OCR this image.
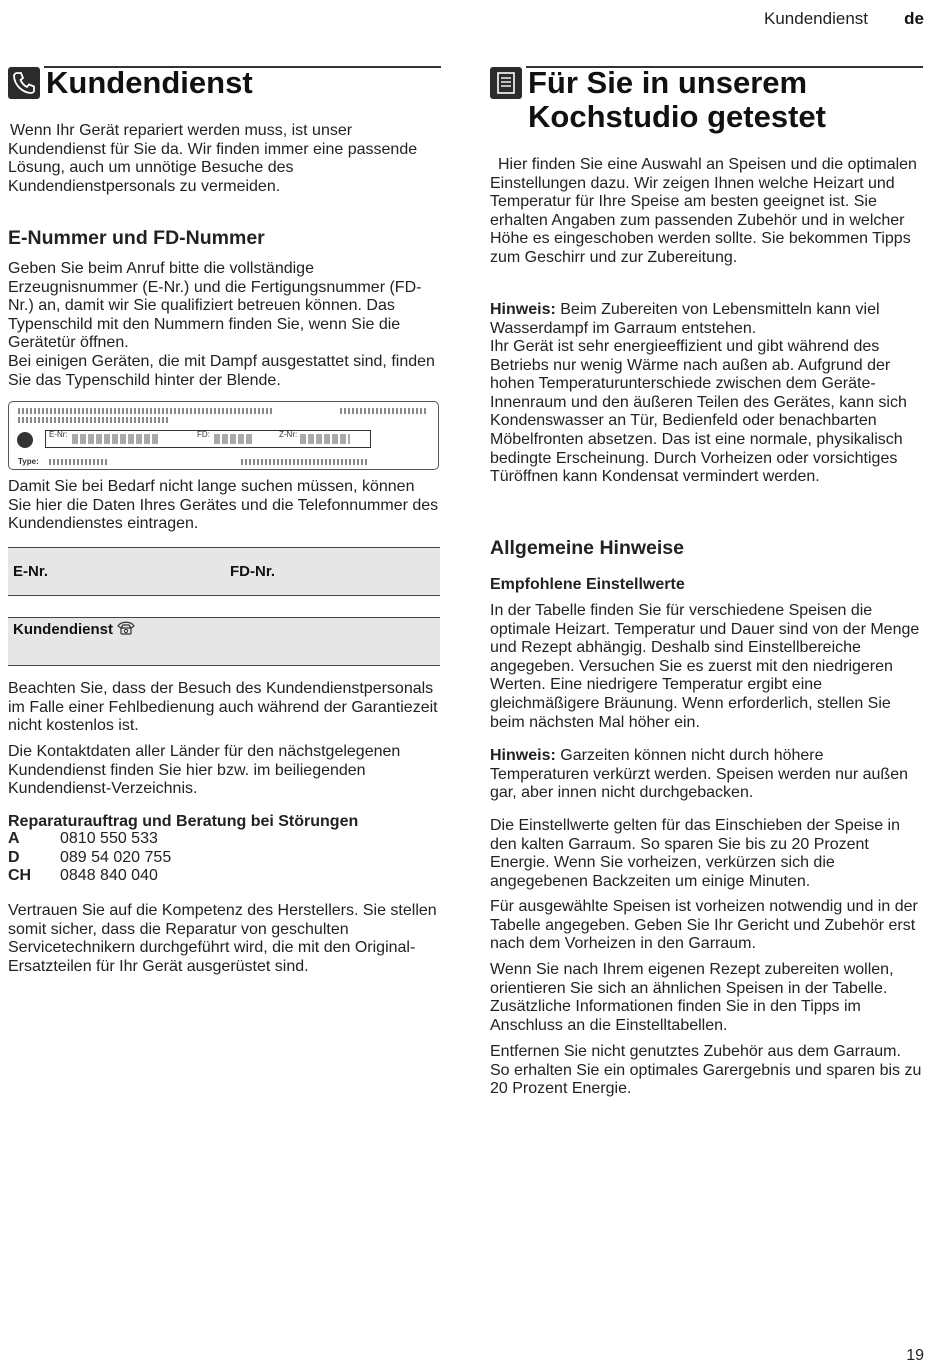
Kundendienst de
Kundendienst

Wenn Ihr Gerät repariert werden muss, ist unser Kundendienst für Sie da. Wir finden immer eine passende Lösung, auch um unnötige Besuche des Kundendienstpersonals zu vermeiden.

E-Nummer und FD-Nummer

Geben Sie beim Anruf bitte die vollständige Erzeugnisnummer (E-Nr.) und die Fertigungsnummer (FD-Nr.) an, damit wir Sie qualifiziert betreuen können. Das Typenschild mit den Nummern finden Sie, wenn Sie die Gerätetür öffnen.

Bei einigen Geräten, die mit Dampf ausgestattet sind, finden Sie das Typenschild hinter der Blende.

E-Nr:	FD:	Z-Nr:
Type:

Damit Sie bei Bedarf nicht lange suchen müssen, können Sie hier die Daten Ihres Gerätes und die Telefonnummer des Kundendienstes eintragen.

E-Nr.	FD-Nr.
Kundendienst

Beachten Sie, dass der Besuch des Kundendienstpersonals im Falle einer Fehlbedienung auch während der Garantiezeit nicht kostenlos ist.

Die Kontaktdaten aller Länder für den nächstgelegenen Kundendienst finden Sie hier bzw. im beiliegenden Kundendienst-Verzeichnis.

Reparaturauftrag und Beratung bei Störungen
A	0810 550 533
D	089 54 020 755
CH 0848 840 040

Vertrauen Sie auf die Kompetenz des Herstellers. Sie stellen somit sicher, dass die Reparatur von geschulten Servicetechnikern durchgeführt wird, die mit den Original-Ersatzteilen für Ihr Gerät ausgerüstet sind.

Für Sie in unserem
Kochstudio getestet

Hier finden Sie eine Auswahl an Speisen und die optimalen Einstellungen dazu. Wir zeigen Ihnen welche Heizart und Temperatur für Ihre Speise am besten geeignet ist. Sie erhalten Angaben zum passenden Zubehör und in welcher Höhe es eingeschoben werden sollte. Sie bekommen Tipps zum Geschirr und zur Zubereitung.

Hinweis: Beim Zubereiten von Lebensmitteln kann viel Wasserdampf im Garraum entstehen.

Ihr Gerät ist sehr energieeffizient und gibt während des Betriebs nur wenig Wärme nach außen ab. Aufgrund der hohen Temperaturunterschiede zwischen dem Geräte-Innenraum und den äußeren Teilen des Gerätes, kann sich Kondenswasser an Tür, Bedienfeld oder benachbarten Möbelfronten absetzen. Das ist eine normale, physikalisch bedingte Erscheinung. Durch Vorheizen oder vorsichtiges Türöffnen kann Kondensat vermindert werden.

Allgemeine Hinweise
Empfohlene Einstellwerte

In der Tabelle finden Sie für verschiedene Speisen die optimale Heizart. Temperatur und Dauer sind von der Menge und Rezept abhängig. Deshalb sind Einstellbereiche angegeben. Versuchen Sie es zuerst mit den niedrigeren Werten. Eine niedrigere Temperatur ergibt eine gleichmäßigere Bräunung. Wenn erforderlich, stellen Sie beim nächsten Mal höher ein.

Hinweis: Garzeiten können nicht durch höhere Temperaturen verkürzt werden. Speisen werden nur außen gar, aber innen nicht durchgebacken.

Die Einstellwerte gelten für das Einschieben der Speise in den kalten Garraum. So sparen Sie bis zu 20 Prozent Energie. Wenn Sie vorheizen, verkürzen sich die angegebenen Backzeiten um einige Minuten.

Für ausgewählte Speisen ist vorheizen notwendig und in der Tabelle angegeben. Geben Sie Ihr Gericht und Zubehör erst nach dem Vorheizen in den Garraum.

Wenn Sie nach Ihrem eigenen Rezept zubereiten wollen, orientieren Sie sich an ähnlichen Speisen in der Tabelle. Zusätzliche Informationen finden Sie in den Tipps im Anschluss an die Einstelltabellen.

Entfernen Sie nicht genutztes Zubehör aus dem Garraum. So erhalten Sie ein optimales Garergebnis und sparen bis zu 20 Prozent Energie.

19
